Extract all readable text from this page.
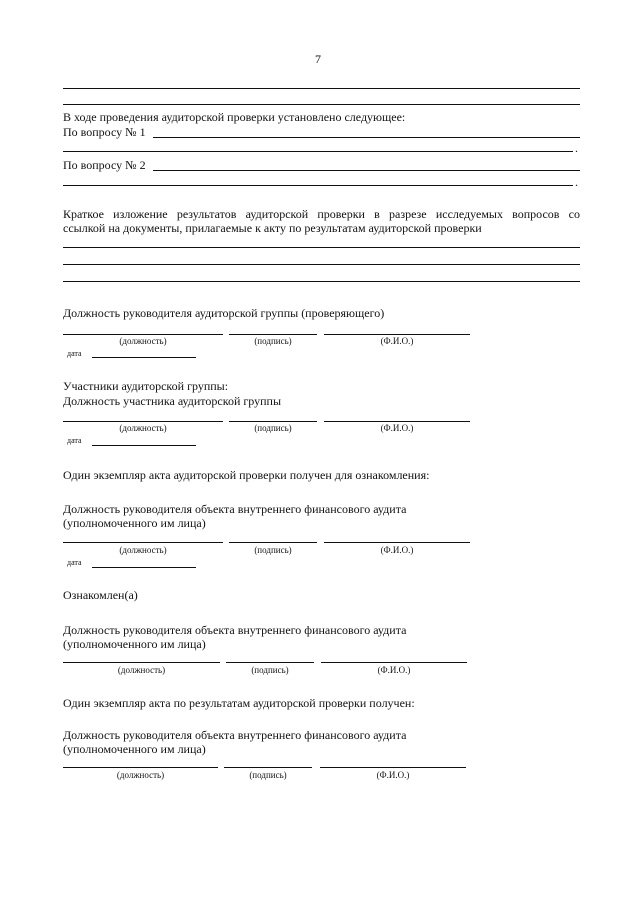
7
В ходе проведения аудиторской проверки установлено следующее:
По вопросу № 1
.
По вопросу № 2
.
Краткое изложение результатов аудиторской проверки в разрезе исследуемых вопросов со
ссылкой на документы, прилагаемые к акту по результатам аудиторской проверки
Должность руководителя аудиторской группы (проверяющего)
(должность)	(подпись)	(Ф.И.О.)
дата
Участники аудиторской группы:
Должность участника аудиторской группы
(должность)	(подпись)	(Ф.И.О.)
дата
Один экземпляр акта аудиторской проверки получен для ознакомления:
Должность руководителя объекта внутреннего финансового аудита
(уполномоченного им лица)
(должность)	(подпись)	(Ф.И.О.)
дата
Ознакомлен(а)
Должность руководителя объекта внутреннего финансового аудита
(уполномоченного им лица)
(должность)	(подпись)	(Ф.И.О.)
Один экземпляр акта по результатам аудиторской проверки получен:
Должность руководителя объекта внутреннего финансового аудита
(уполномоченного им лица)
(должность)	(подпись)	(Ф.И.О.)
